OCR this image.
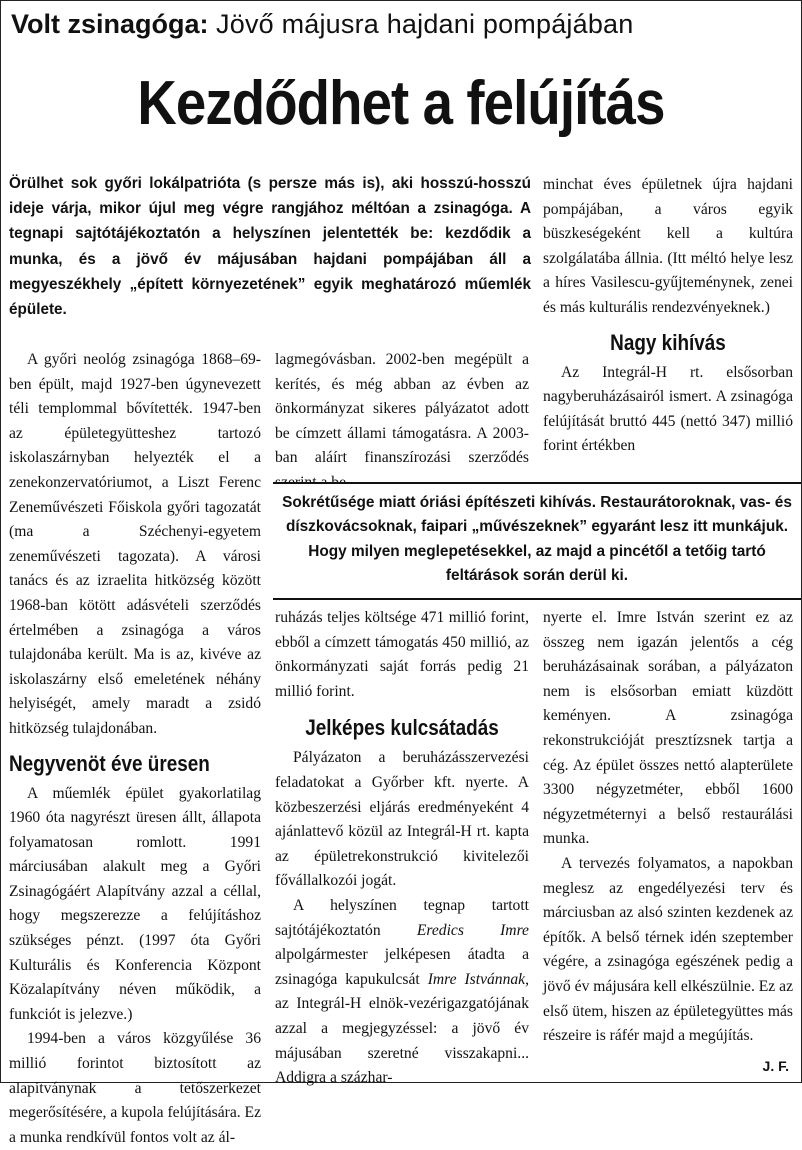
Volt zsinagóga: Jövő májusra hajdani pompájában
Kezdődhet a felújítás
Örülhet sok győri lokálpatrióta (s persze más is), aki hosszú-hosszú ideje várja, mikor újul meg végre rangjához méltóan a zsinagóga. A tegnapi sajtótájékoztatón a helyszínen jelentették be: kezdődik a munka, és a jövő év májusában hajdani pompájában áll a megyeszékhely „épített környezetének” egyik meghatározó műemlék épülete.

A győri neológ zsinagóga 1868–69-ben épült, majd 1927-ben úgynevezett téli templommal bővítették. 1947-ben az épületegyütteshez tartozó iskolaszárnyban helyezték el a zenekonzervatóriumot, a Liszt Ferenc Zeneművészeti Főiskola győri tagozatát (ma a Széchenyi-egyetem zeneművészeti tagozata). A városi tanács és az izraelita hitközség között 1968-ban kötött adásvételi szerződés értelmében a zsinagóga a város tulajdonába került. Ma is az, kivéve az iskolaszárny első emeletének néhány helyiségét, amely maradt a zsidó hitközség tulajdonában.

Negyvenöt éve üresen

A műemlék épület gyakorlatilag 1960 óta nagyrészt üresen állt, állapota folyamatosan romlott. 1991 márciusában alakult meg a Győri Zsinagógáért Alapítvány azzal a céllal, hogy megszerezze a felújításhoz szükséges pénzt. (1997 óta Győri Kulturális és Konferencia Központ Közalapítvány néven működik, a funkciót is jelezve.)

1994-ben a város közgyűlése 36 millió forintot biztosított az alapítványnak a tetőszerkezet megerősítésére, a kupola felújítására. Ez a munka rendkívül fontos volt az ál-

lagmegóvásban. 2002-ben megépült a kerítés, és még abban az évben az önkormányzat sikeres pályázatot adott be címzett állami támogatásra. A 2003-ban aláírt finanszírozási szerződés

minchat éves épületnek újra hajdani pompájában, a város egyik büszkeségeként kell a kultúra szolgálatába állnia. (Itt méltó helye lesz a híres Vasilescu-gyűjteménynek, zenei és más kulturális rendezvényeknek.)

Nagy kihívás

Az Integrál-H rt. elsősorban nagyberuházásairól ismert. A zsinagóga felújítását bruttó 445 (nettó 347) millió forint értékben

Sokrétűsége miatt óriási építészeti kihívás. Restaurátoroknak, vas- és díszkovácsoknak, faipari „művészeknek” egyaránt lesz itt munkájuk. Hogy milyen meglepetésekkel, az majd a pincétől a tetőig tartó feltárások során derül ki.

ruházás teljes költsége 471 millió forint, ebből a címzett támogatás 450 millió, az önkormányzati saját forrás pedig 21 millió forint.

Jelképes kulcsátadás

Pályázaton a beruházásszervezési feladatokat a Győrber kft. nyerte. A közbeszerzési eljárás eredményeként 4 ajánlattevő közül az Integrál-H rt. kapta az épületrekonstrukció kivitelezői fővállalkozói jogát.

A helyszínen tegnap tartott sajtótájékoztatón Eredics Imre alpolgármester jelképesen átadta a zsinagóga kapukulcsát Imre Istvánnak, az Integrál-H elnök-vezérigazgatójának azzal a megjegyzéssel: a jövő év májusában szeretné visszakapni... Addigra a százhar-

nyerte el. Imre István szerint ez az összeg nem igazán jelentős a cég beruházásainak sorában, a pályázaton nem is elsősorban emiatt küzdött keményen. A zsinagóga rekonstrukcióját presztízsnek tartja a cég. Az épület összes nettó alapterülete 3300 négyzetméter, ebből 1600 négyzetméternyi a belső restaurálási munka.

A tervezés folyamatos, a napokban meglesz az engedélyezési terv és márciusban az alsó szinten kezdenek az építők. A belső térnek idén szeptember végére, a zsinagóga egészének pedig a jövő év májusára kell elkészülnie. Ez az első ütem, hiszen az épületegyüttes más részeire is ráfér majd a megújítás.

J. F.
